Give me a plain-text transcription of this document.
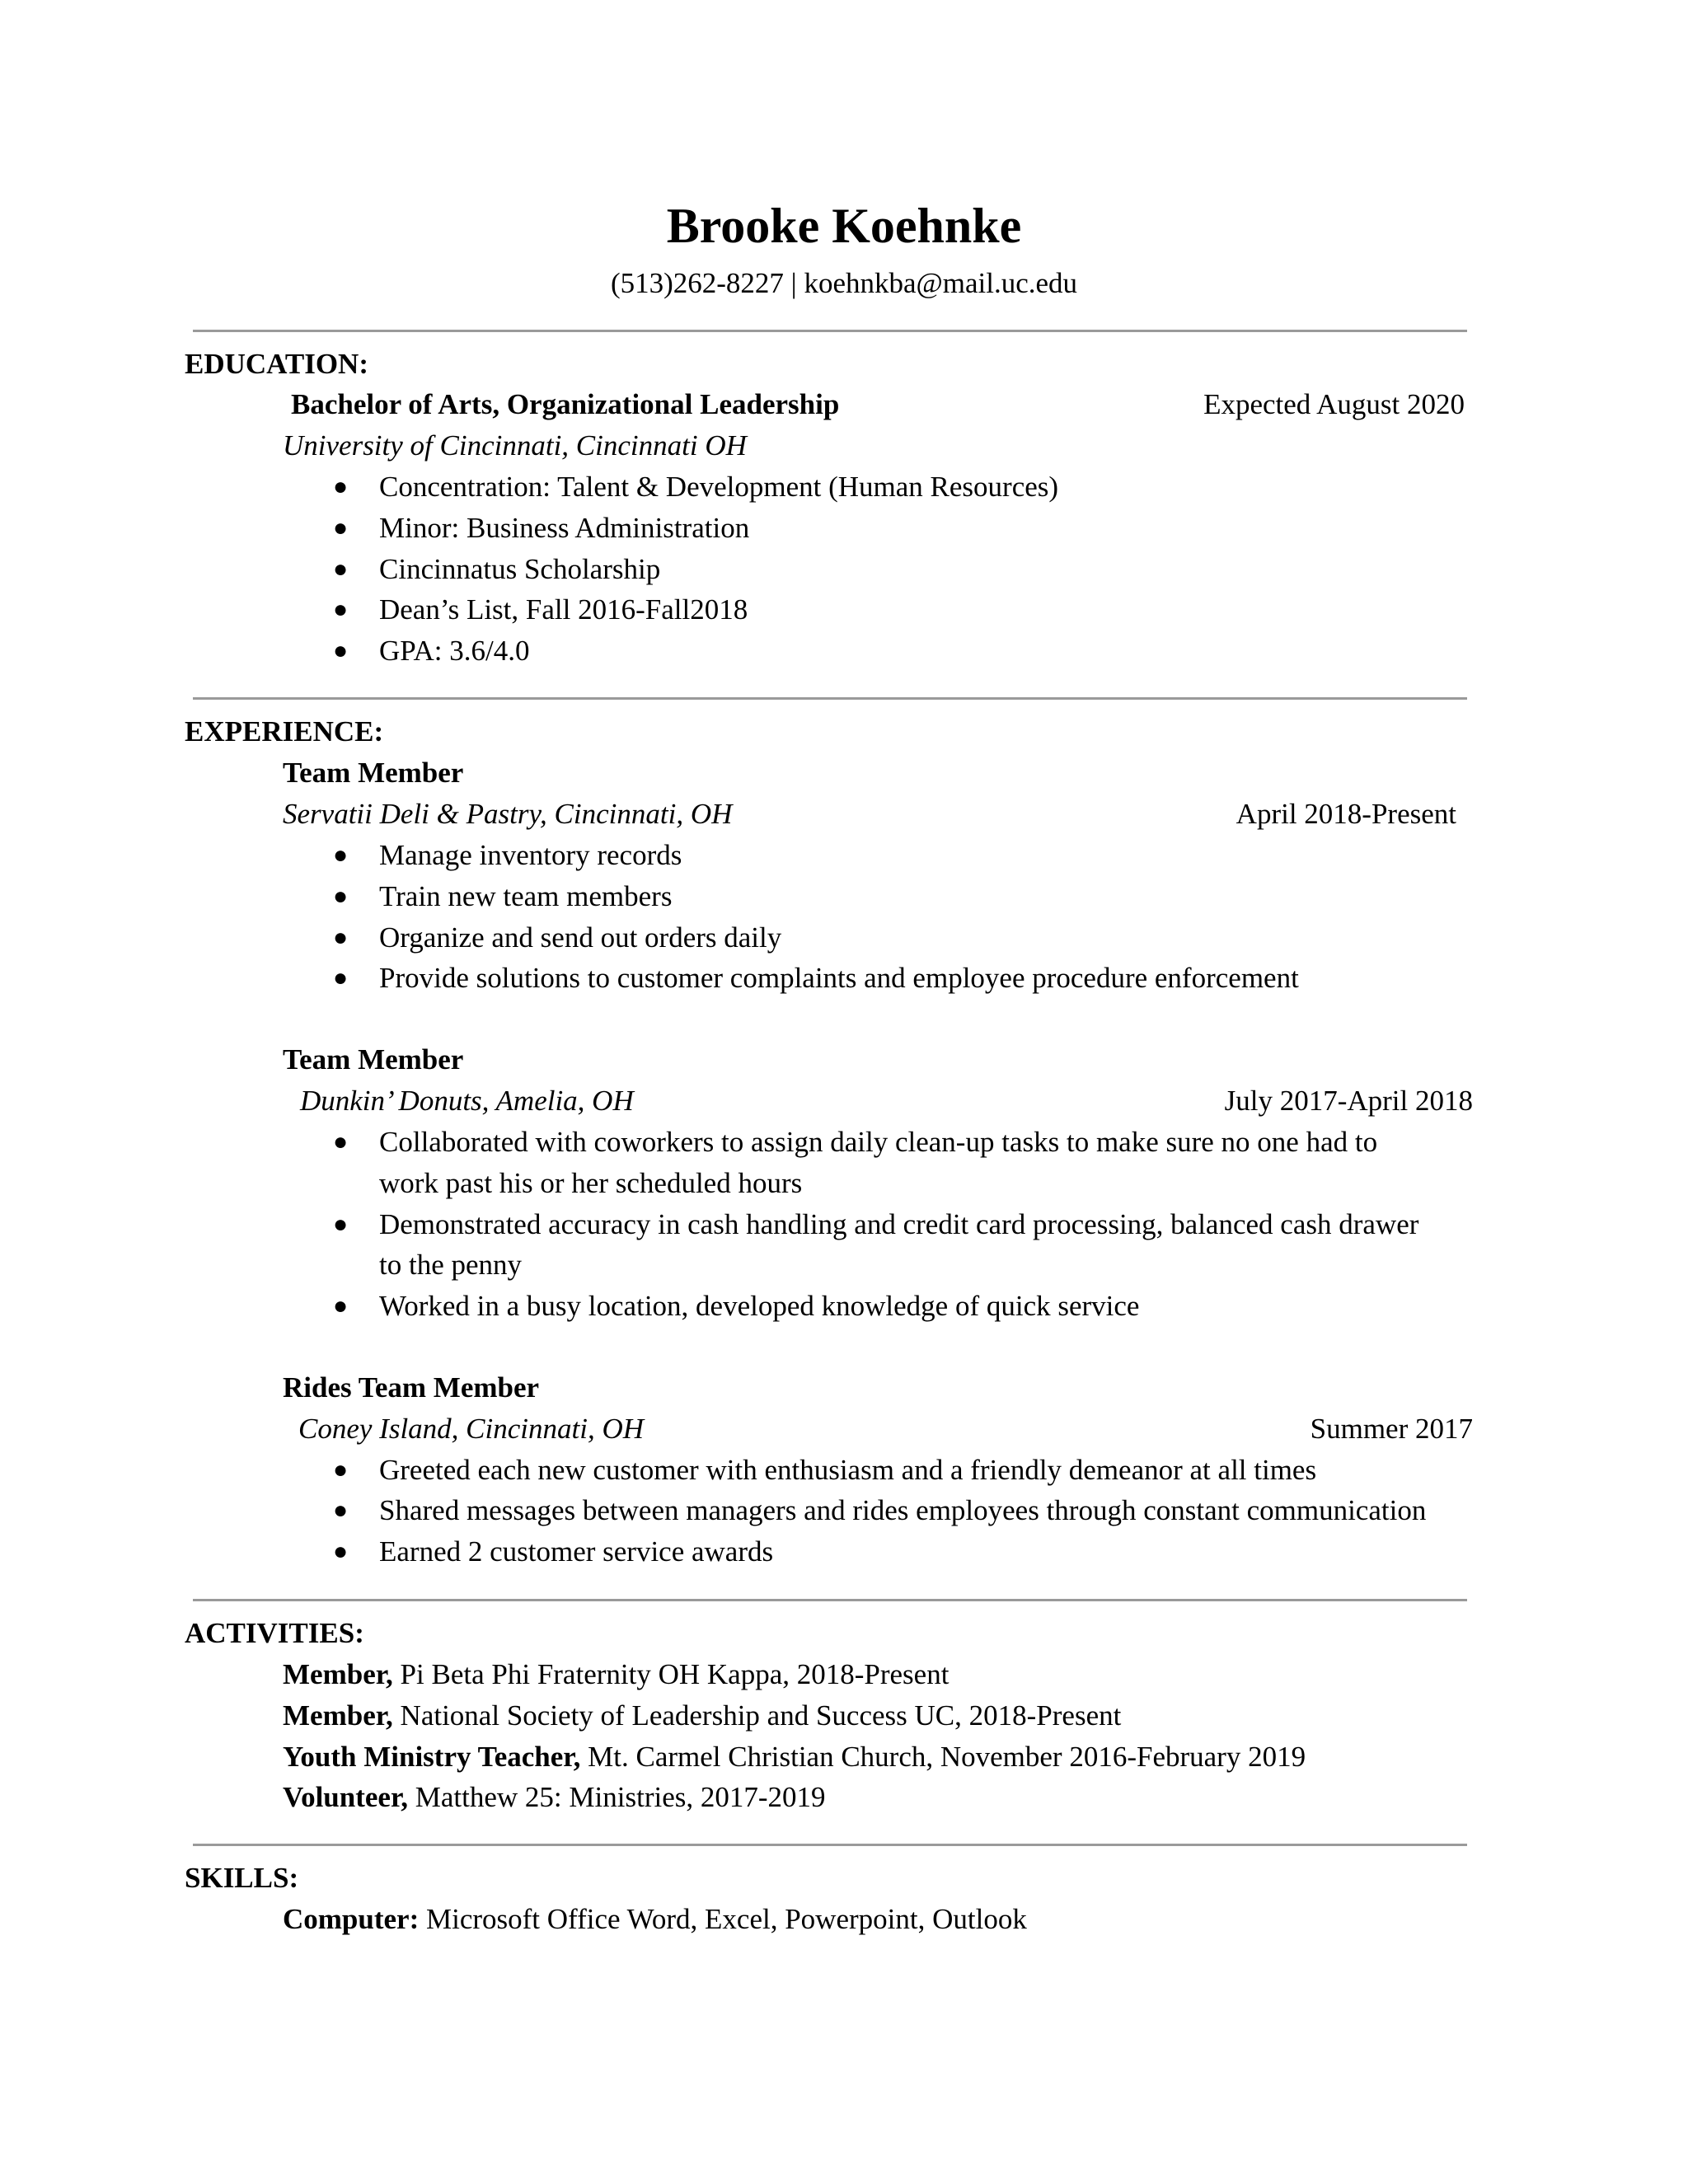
Brooke Koehnke
(513)262-8227 | koehnkba@mail.uc.edu
EDUCATION:
Bachelor of Arts, Organizational Leadership	Expected August 2020
University of Cincinnati, Cincinnati OH
● Concentration: Talent & Development (Human Resources)
● Minor: Business Administration
● Cincinnatus Scholarship
● Dean’s List, Fall 2016-Fall2018
● GPA: 3.6/4.0
EXPERIENCE:
Team Member
Servatii Deli & Pastry, Cincinnati, OH	April 2018-Present
● Manage inventory records
● Train new team members
● Organize and send out orders daily
● Provide solutions to customer complaints and employee procedure enforcement
Team Member
Dunkin’ Donuts, Amelia, OH	July 2017-April 2018
● Collaborated with coworkers to assign daily clean-up tasks to make sure no one had to
work past his or her scheduled hours
● Demonstrated accuracy in cash handling and credit card processing, balanced cash drawer
to the penny
● Worked in a busy location, developed knowledge of quick service
Rides Team Member
Coney Island, Cincinnati, OH	Summer 2017
● Greeted each new customer with enthusiasm and a friendly demeanor at all times
● Shared messages between managers and rides employees through constant communication
● Earned 2 customer service awards
ACTIVITIES:
Member, Pi Beta Phi Fraternity OH Kappa, 2018-Present
Member, National Society of Leadership and Success UC, 2018-Present
Youth Ministry Teacher, Mt. Carmel Christian Church, November 2016-February 2019
Volunteer, Matthew 25: Ministries, 2017-2019
SKILLS:
Computer: Microsoft Office Word, Excel, Powerpoint, Outlook
